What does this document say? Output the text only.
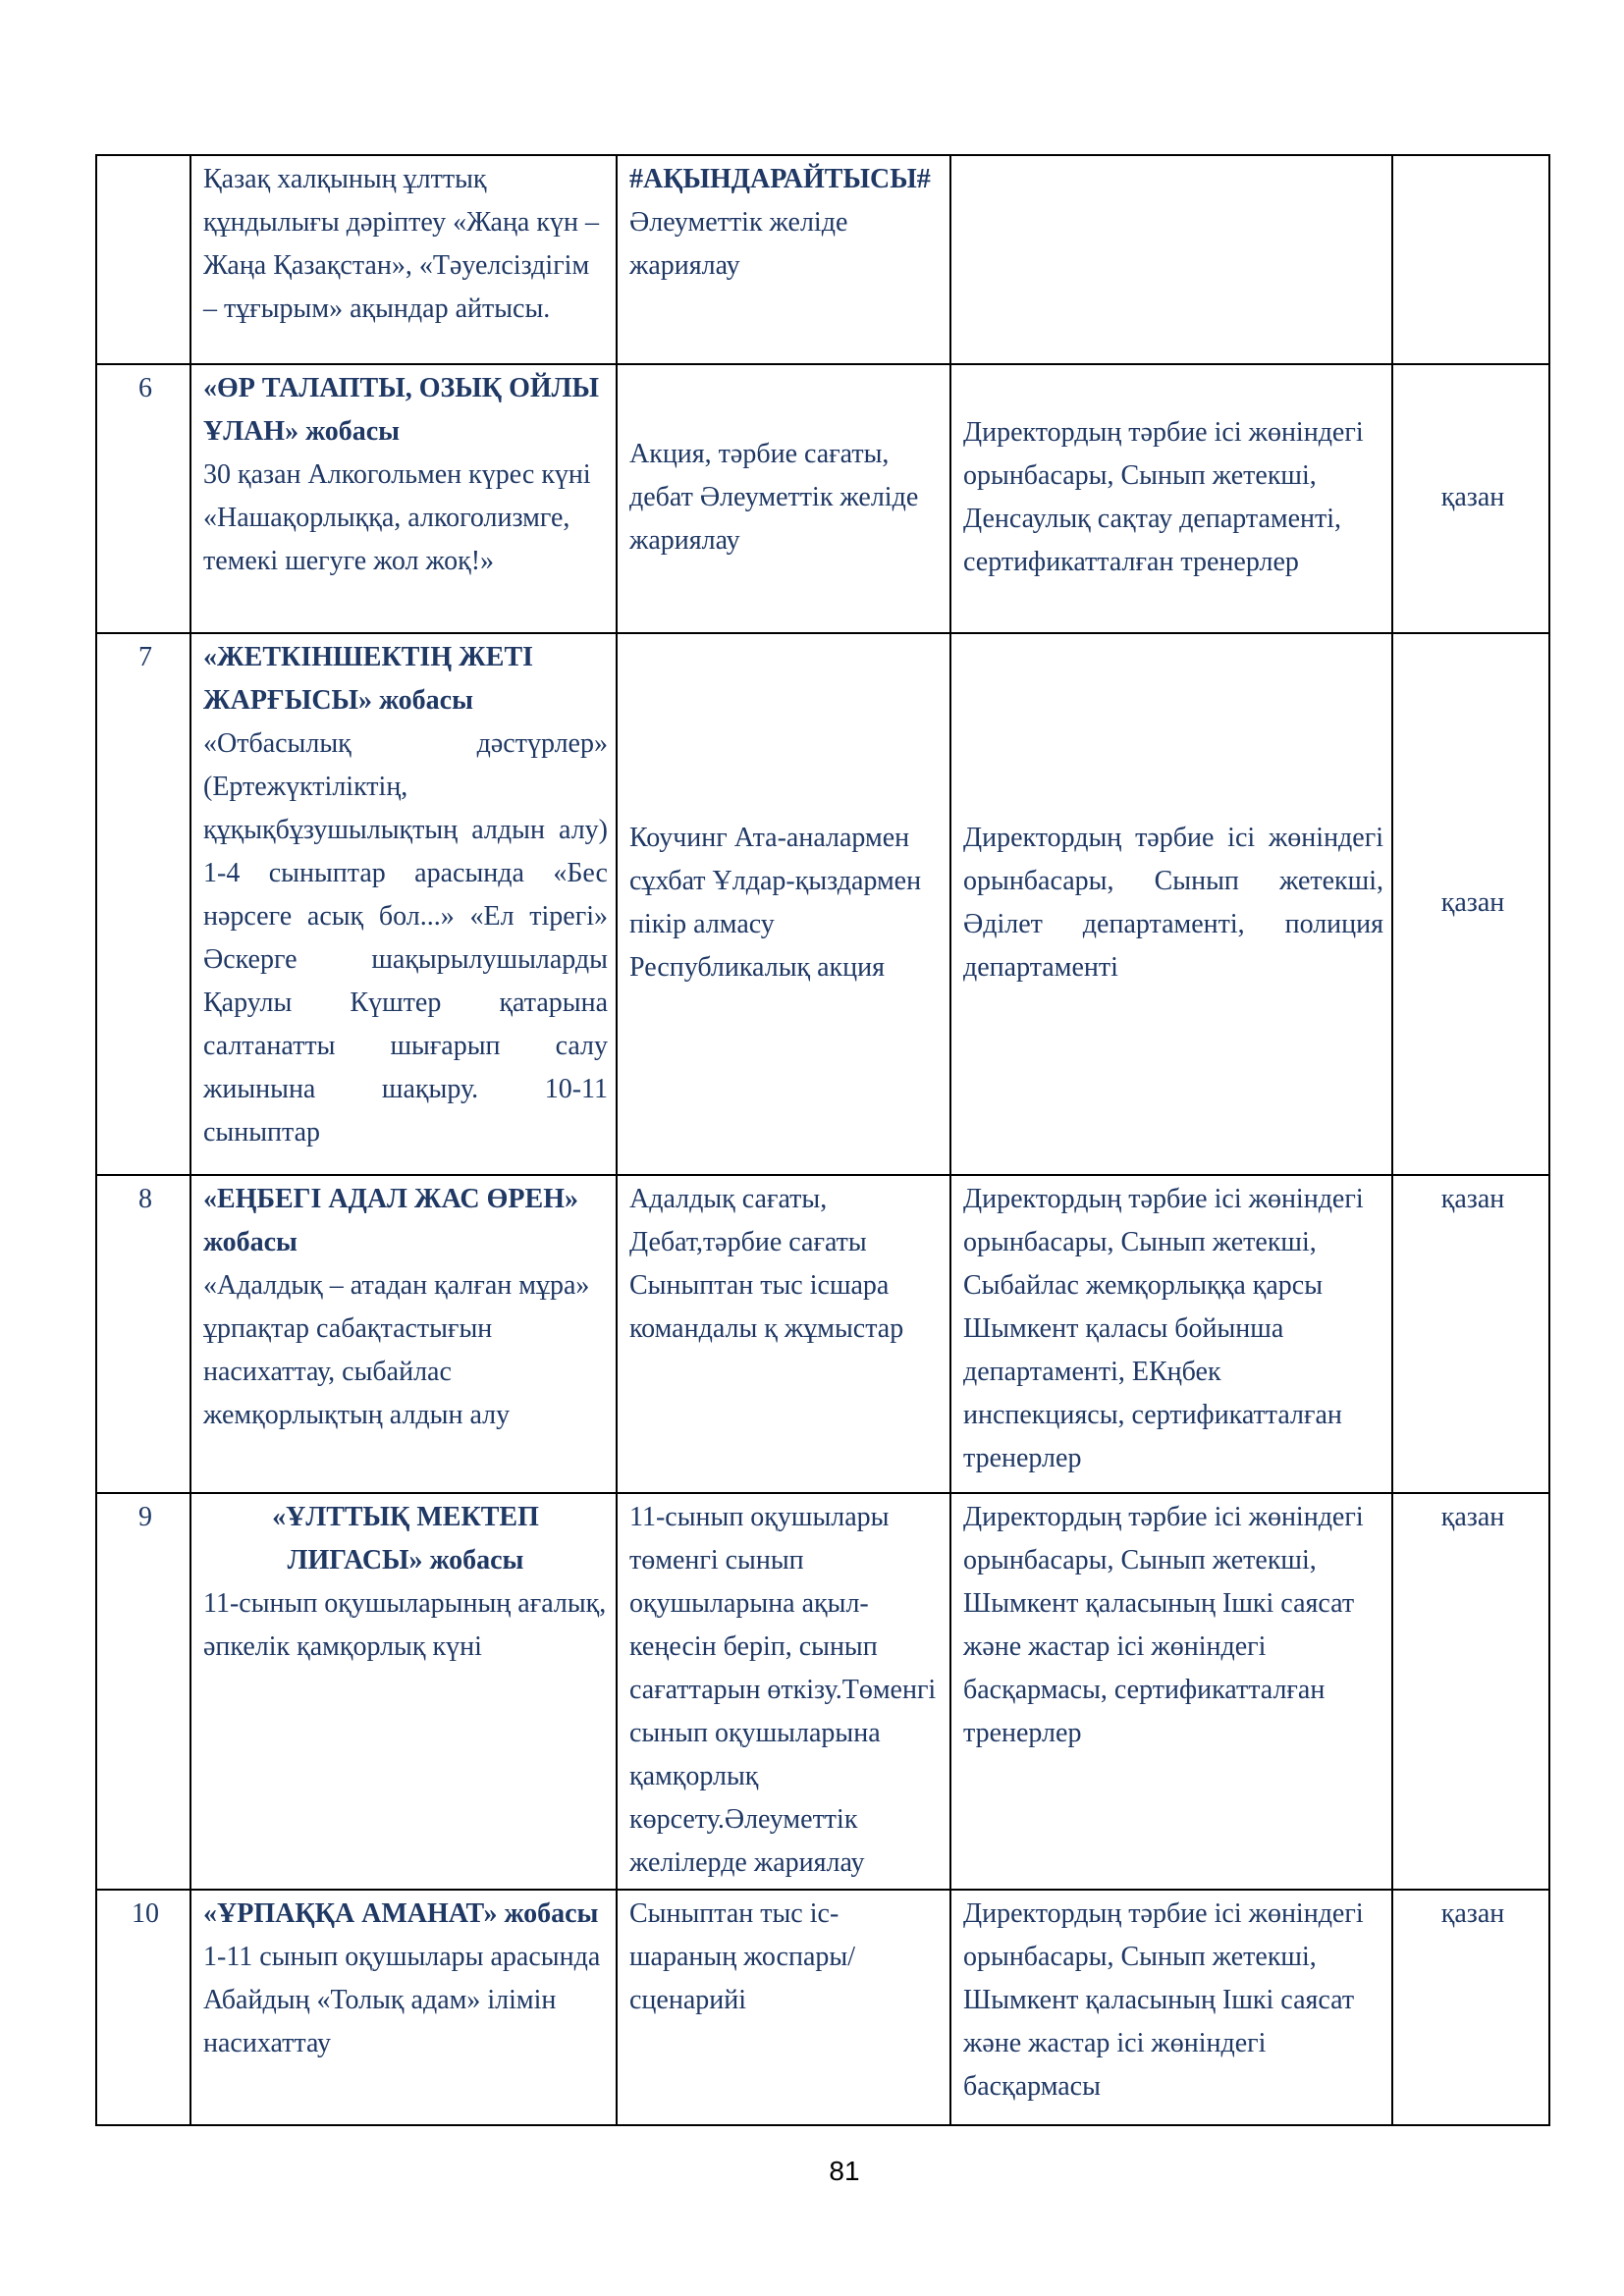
	Қазақ халқының ұлттық құндылығы дәріптеу «Жаңа күн – Жаңа Қазақстан», «Тәуелсіздігім – тұғырым» ақындар айтысы.	#АҚЫНДАРАЙТЫСЫ#Әлеуметтік желіде жариялау		
6	«ӨР ТАЛАПТЫ, ОЗЫҚ ОЙЛЫ ҰЛАН» жобасы
30 қазан Алкогольмен күрес күні «Нашақорлыққа, алкоголизмге, темекі шегуге жол жоқ!»	Акция, тәрбие сағаты, дебат Әлеуметтік желіде жариялау	Директордың тәрбие ісі жөніндегі орынбасары, Сынып жетекші, Денсаулық сақтау департаменті, сертификатталған тренерлер	қазан
7	«ЖЕТКІНШЕКТІҢ ЖЕТІ ЖАРҒЫСЫ» жобасы
«Отбасылық дәстүрлер» (Ертежүктіліктің, құқықбұзушылықтың алдын алу) 1-4 сыныптар арасында «Бес нәрсеге асық бол...» «Ел тірегі» Әскерге шақырылушыларды Қарулы Күштер қатарына салтанатты шығарып салу жиынына шақыру. 10-11 сыныптар	Коучинг Ата-аналармен сұхбат Ұлдар-қыздармен пікір алмасу Республикалық акция	Директордың тәрбие ісі жөніндегі орынбасары, Сынып жетекші, Әділет департаменті, полиция департаменті	қазан
8	«ЕҢБЕГІ АДАЛ ЖАС ӨРЕН» жобасы
«Адалдық – атадан қалған мұра» ұрпақтар сабақтастығын насихаттау, сыбайлас жемқорлықтың алдын алу	Адалдық сағаты, Дебат,тәрбие сағаты Сыныптан тыс ісшара командалы қ жұмыстар	Директордың тәрбие ісі жөніндегі орынбасары, Сынып жетекші, Сыбайлас жемқорлыққа қарсы Шымкент қаласы бойынша департаменті, ЕКңбек инспекциясы, сертификатталған тренерлер	қазан
9	«ҰЛТТЫҚ МЕКТЕП ЛИГАСЫ» жобасы
11-сынып оқушыларының ағалық, әпкелік қамқорлық күні	11-сынып оқушылары төменгі сынып оқушыларына ақыл-кеңесін беріп, сынып сағаттарын өткізу.Төменгі сынып оқушыларына қамқорлық көрсету.Әлеуметтік желілерде жариялау	Директордың тәрбие ісі жөніндегі орынбасары, Сынып жетекші, Шымкент қаласының Ішкі саясат және жастар ісі жөніндегі басқармасы, сертификатталған тренерлер	қазан
10	«ҰРПАҚҚА АМАНАТ» жобасы
1-11 сынып оқушылары арасында Абайдың «Толық адам» ілімін насихаттау	Сыныптан тыс іс-шараның жоспары/сценарийі	Директордың тәрбие ісі жөніндегі орынбасары, Сынып жетекші, Шымкент қаласының Ішкі саясат және жастар ісі жөніндегі басқармасы	қазан
81
